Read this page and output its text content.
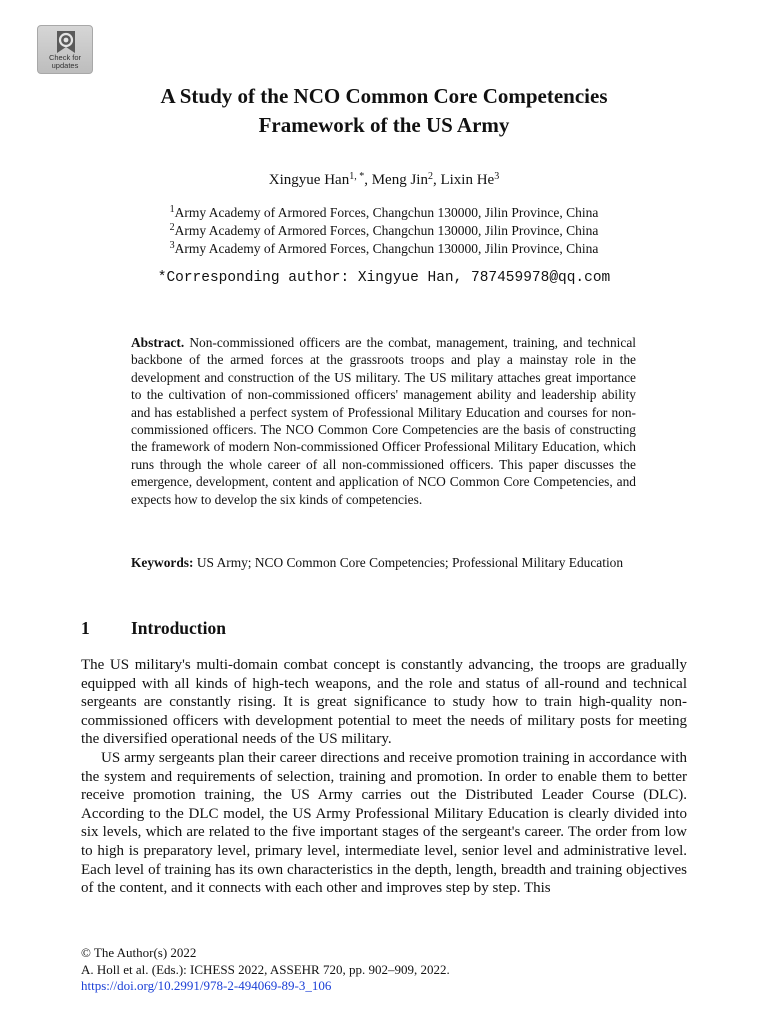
Check for
updates
A Study of the NCO Common Core Competencies
Framework of the US Army
Xingyue Han$^{1, *}$, Meng Jin$^2$, Lixin He$^3$
$^1$Army Academy of Armored Forces, Changchun 130000, Jilin Province, China
$^2$Army Academy of Armored Forces, Changchun 130000, Jilin Province, China
$^3$Army Academy of Armored Forces, Changchun 130000, Jilin Province, China
*Corresponding author: Xingyue Han, 787459978@qq.com

Abstract. Non-commissioned officers are the combat, management, training, and technical backbone of the armed forces at the grassroots troops and play a mainstay role in the development and construction of the US military. The US military attaches great importance to the cultivation of non-commissioned officers' management ability and leadership ability and has established a perfect system of Professional Military Education and courses for non-commissioned officers. The NCO Common Core Competencies are the basis of constructing the framework of modern Non-commissioned Officer Professional Military Education, which runs through the whole career of all non-commissioned officers. This paper discusses the emergence, development, content and application of NCO Common Core Competencies, and expects how to develop the six kinds of competencies.

Keywords: US Army; NCO Common Core Competencies; Professional Military Education

1 Introduction

The US military's multi-domain combat concept is constantly advancing, the troops are gradually equipped with all kinds of high-tech weapons, and the role and status of all-round and technical sergeants are constantly rising. It is great significance to study how to train high-quality non-commissioned officers with development potential to meet the needs of military posts for meeting the diversified operational needs of the US military.

US army sergeants plan their career directions and receive promotion training in accordance with the system and requirements of selection, training and promotion. In order to enable them to better receive promotion training, the US Army carries out the Distributed Leader Course (DLC). According to the DLC model, the US Army Professional Military Education is clearly divided into six levels, which are related to the five important stages of the sergeant's career. The order from low to high is preparatory level, primary level, intermediate level, senior level and administrative level. Each level of training has its own characteristics in the depth, length, breadth and training objectives of the content, and it connects with each other and improves step by step. This

© The Author(s) 2022
A. Holl et al. (Eds.): ICHESS 2022, ASSEHR 720, pp. 902–909, 2022.
https://doi.org/10.2991/978-2-494069-89-3_106
